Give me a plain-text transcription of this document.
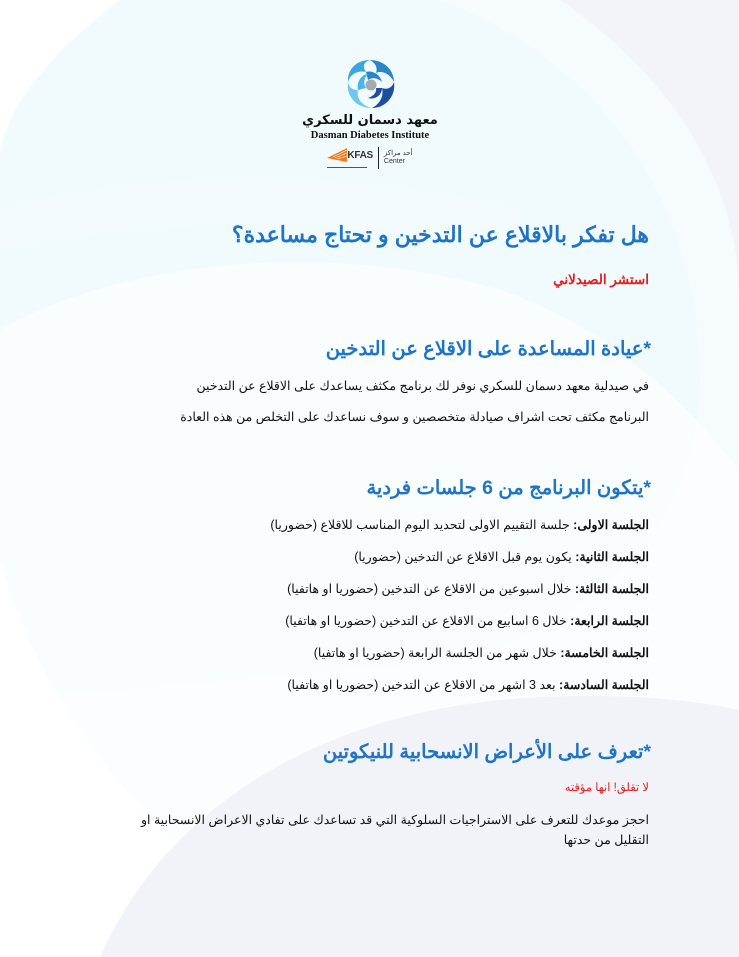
معهد دسمان للسكري
Dasman Diabetes Institute
KFAS أحد مراكز
Center
هل تفكر بالاقلاع عن التدخين و تحتاج مساعدة؟
استشر الصيدلاني
*عيادة المساعدة على الاقلاع عن التدخين
في صيدلية معهد دسمان للسكري نوفر لك برنامج مكثف يساعدك على الاقلاع عن التدخين
البرنامج مكثف تحت اشراف صيادلة متخصصين و سوف نساعدك على التخلص من هذه العادة
*يتكون البرنامج من 6 جلسات فردية
الجلسة الاولى: جلسة التقييم الاولى لتحديد اليوم المناسب للاقلاع (حضوريا)
الجلسة الثانية: يكون يوم قبل الاقلاع عن التدخين (حضوريا)
الجلسة الثالثة: خلال اسبوعين من الاقلاع عن التدخين (حضوريا او هاتفيا)
الجلسة الرابعة: خلال 6 اسابيع من الاقلاع عن التدخين (حضوريا او هاتفيا)
الجلسة الخامسة: خلال شهر من الجلسة الرابعة (حضوريا او هاتفيا)
الجلسة السادسة: بعد 3 اشهر من الاقلاع عن التدخين (حضوريا او هاتفيا)
*تعرف على الأعراض الانسحابية للنيكوتين
لا تقلق! انها مؤقته
احجز موعدك للتعرف على الاستراجيات السلوكية التي قد تساعدك على تفادي الاعراض الانسحابية او التقليل من حدتها
